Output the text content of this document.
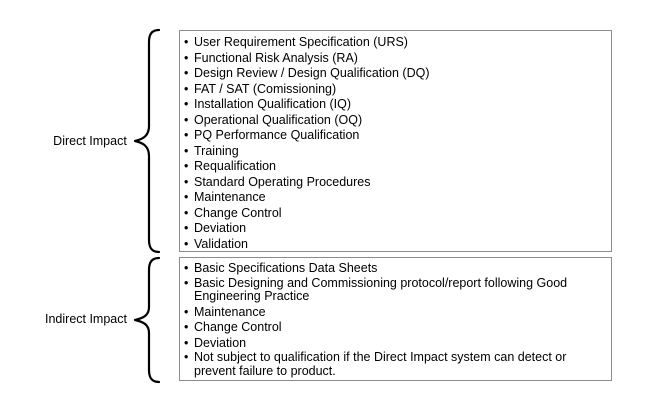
Direct Impact
• User Requirement Specification (URS)
• Functional Risk Analysis (RA)
• Design Review / Design Qualification (DQ)
• FAT / SAT (Comissioning)
• Installation Qualification (IQ)
• Operational Qualification (OQ)
• PQ Performance Qualification
• Training
• Requalification
• Standard Operating Procedures
• Maintenance
• Change Control
• Deviation
• Validation
Indirect Impact
• Basic Specifications Data Sheets
• Basic Designing and Commissioning protocol/report following Good Engineering Practice
• Maintenance
• Change Control
• Deviation
• Not subject to qualification if the Direct Impact system can detect or prevent failure to product.
